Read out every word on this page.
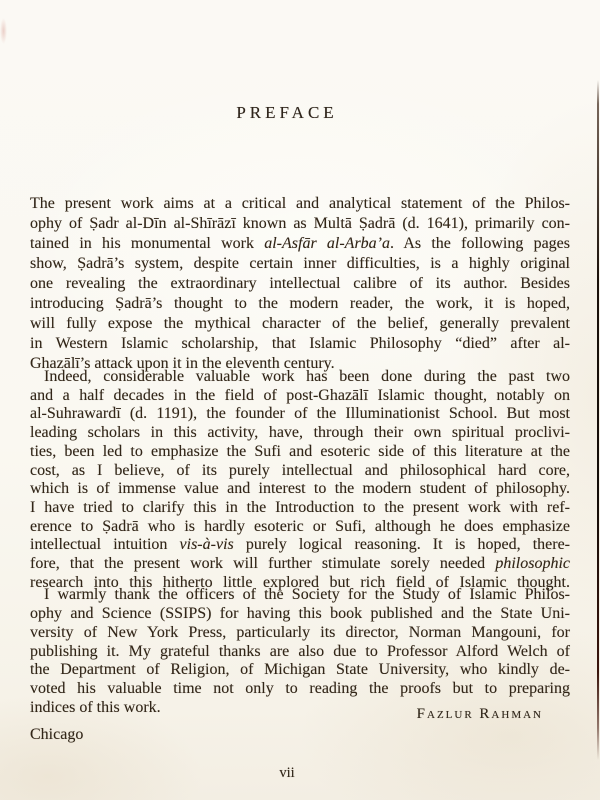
PREFACE
The present work aims at a critical and analytical statement of the Philos-
ophy of Ṣadr al-Dīn al-Shīrāzī known as Multā Ṣadrā (d. 1641), primarily con-
tained in his monumental work al-Asfār al-Arba’a. As the following pages
show, Ṣadrā’s system, despite certain inner difficulties, is a highly original
one revealing the extraordinary intellectual calibre of its author. Besides
introducing Ṣadrā’s thought to the modern reader, the work, it is hoped,
will fully expose the mythical character of the belief, generally prevalent
in Western Islamic scholarship, that Islamic Philosophy “died” after al-
Ghazālī’s attack upon it in the eleventh century.
Indeed, considerable valuable work has been done during the past two
and a half decades in the field of post-Ghazālī Islamic thought, notably on
al-Suhrawardī (d. 1191), the founder of the Illuminationist School. But most
leading scholars in this activity, have, through their own spiritual proclivi-
ties, been led to emphasize the Sufi and esoteric side of this literature at the
cost, as I believe, of its purely intellectual and philosophical hard core,
which is of immense value and interest to the modern student of philosophy.
I have tried to clarify this in the Introduction to the present work with ref-
erence to Ṣadrā who is hardly esoteric or Sufi, although he does emphasize
intellectual intuition vis-à-vis purely logical reasoning. It is hoped, there-
fore, that the present work will further stimulate sorely needed philosophic
research into this hitherto little explored but rich field of Islamic thought.
I warmly thank the officers of the Society for the Study of Islamic Philos-
ophy and Science (SSIPS) for having this book published and the State Uni-
versity of New York Press, particularly its director, Norman Mangouni, for
publishing it. My grateful thanks are also due to Professor Alford Welch of
the Department of Religion, of Michigan State University, who kindly de-
voted his valuable time not only to reading the proofs but to preparing
indices of this work.	Fazlur Rahman
Chicago
vii
